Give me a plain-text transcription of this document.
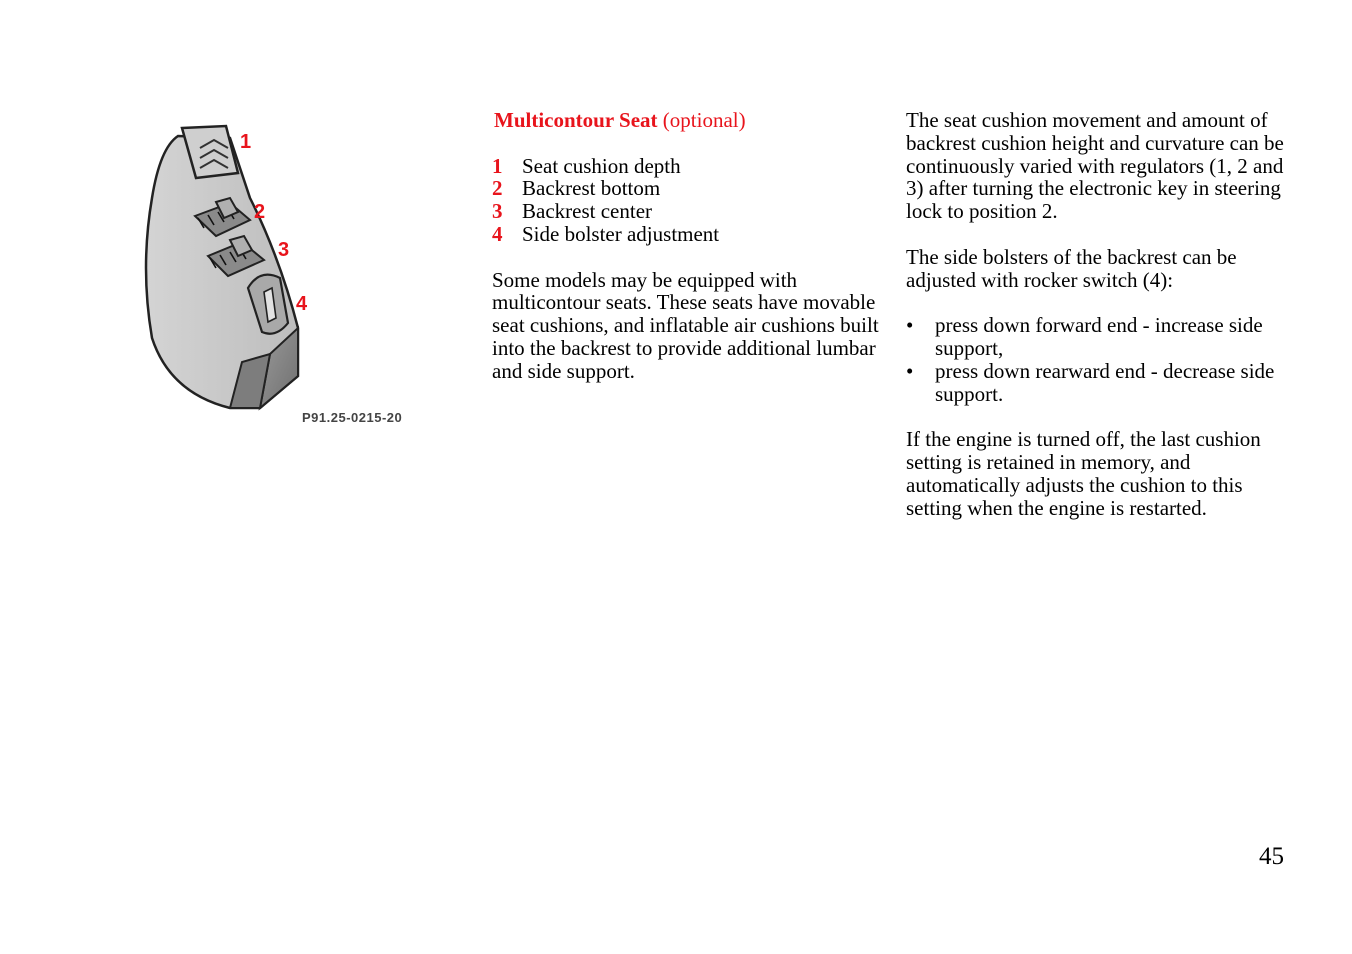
1
2
3
4
P91.25-0215-20
Multicontour Seat (optional)
1 Seat cushion depth
2 Backrest bottom
3 Backrest center
4 Side bolster adjustment

Some models may be equipped with multicontour seats. These seats have movable seat cushions, and inflatable air cushions built into the backrest to provide additional lumbar and side support.

The seat cushion movement and amount of backrest cushion height and curvature can be continuously varied with regulators (1, 2 and 3) after turning the electronic key in steering lock to position 2.

The side bolsters of the backrest can be adjusted with rocker switch (4):

•	press down forward end - increase side support,
•	press down rearward end - decrease side support.

If the engine is turned off, the last cushion setting is retained in memory, and automatically adjusts the cushion to this setting when the engine is restarted.

45
